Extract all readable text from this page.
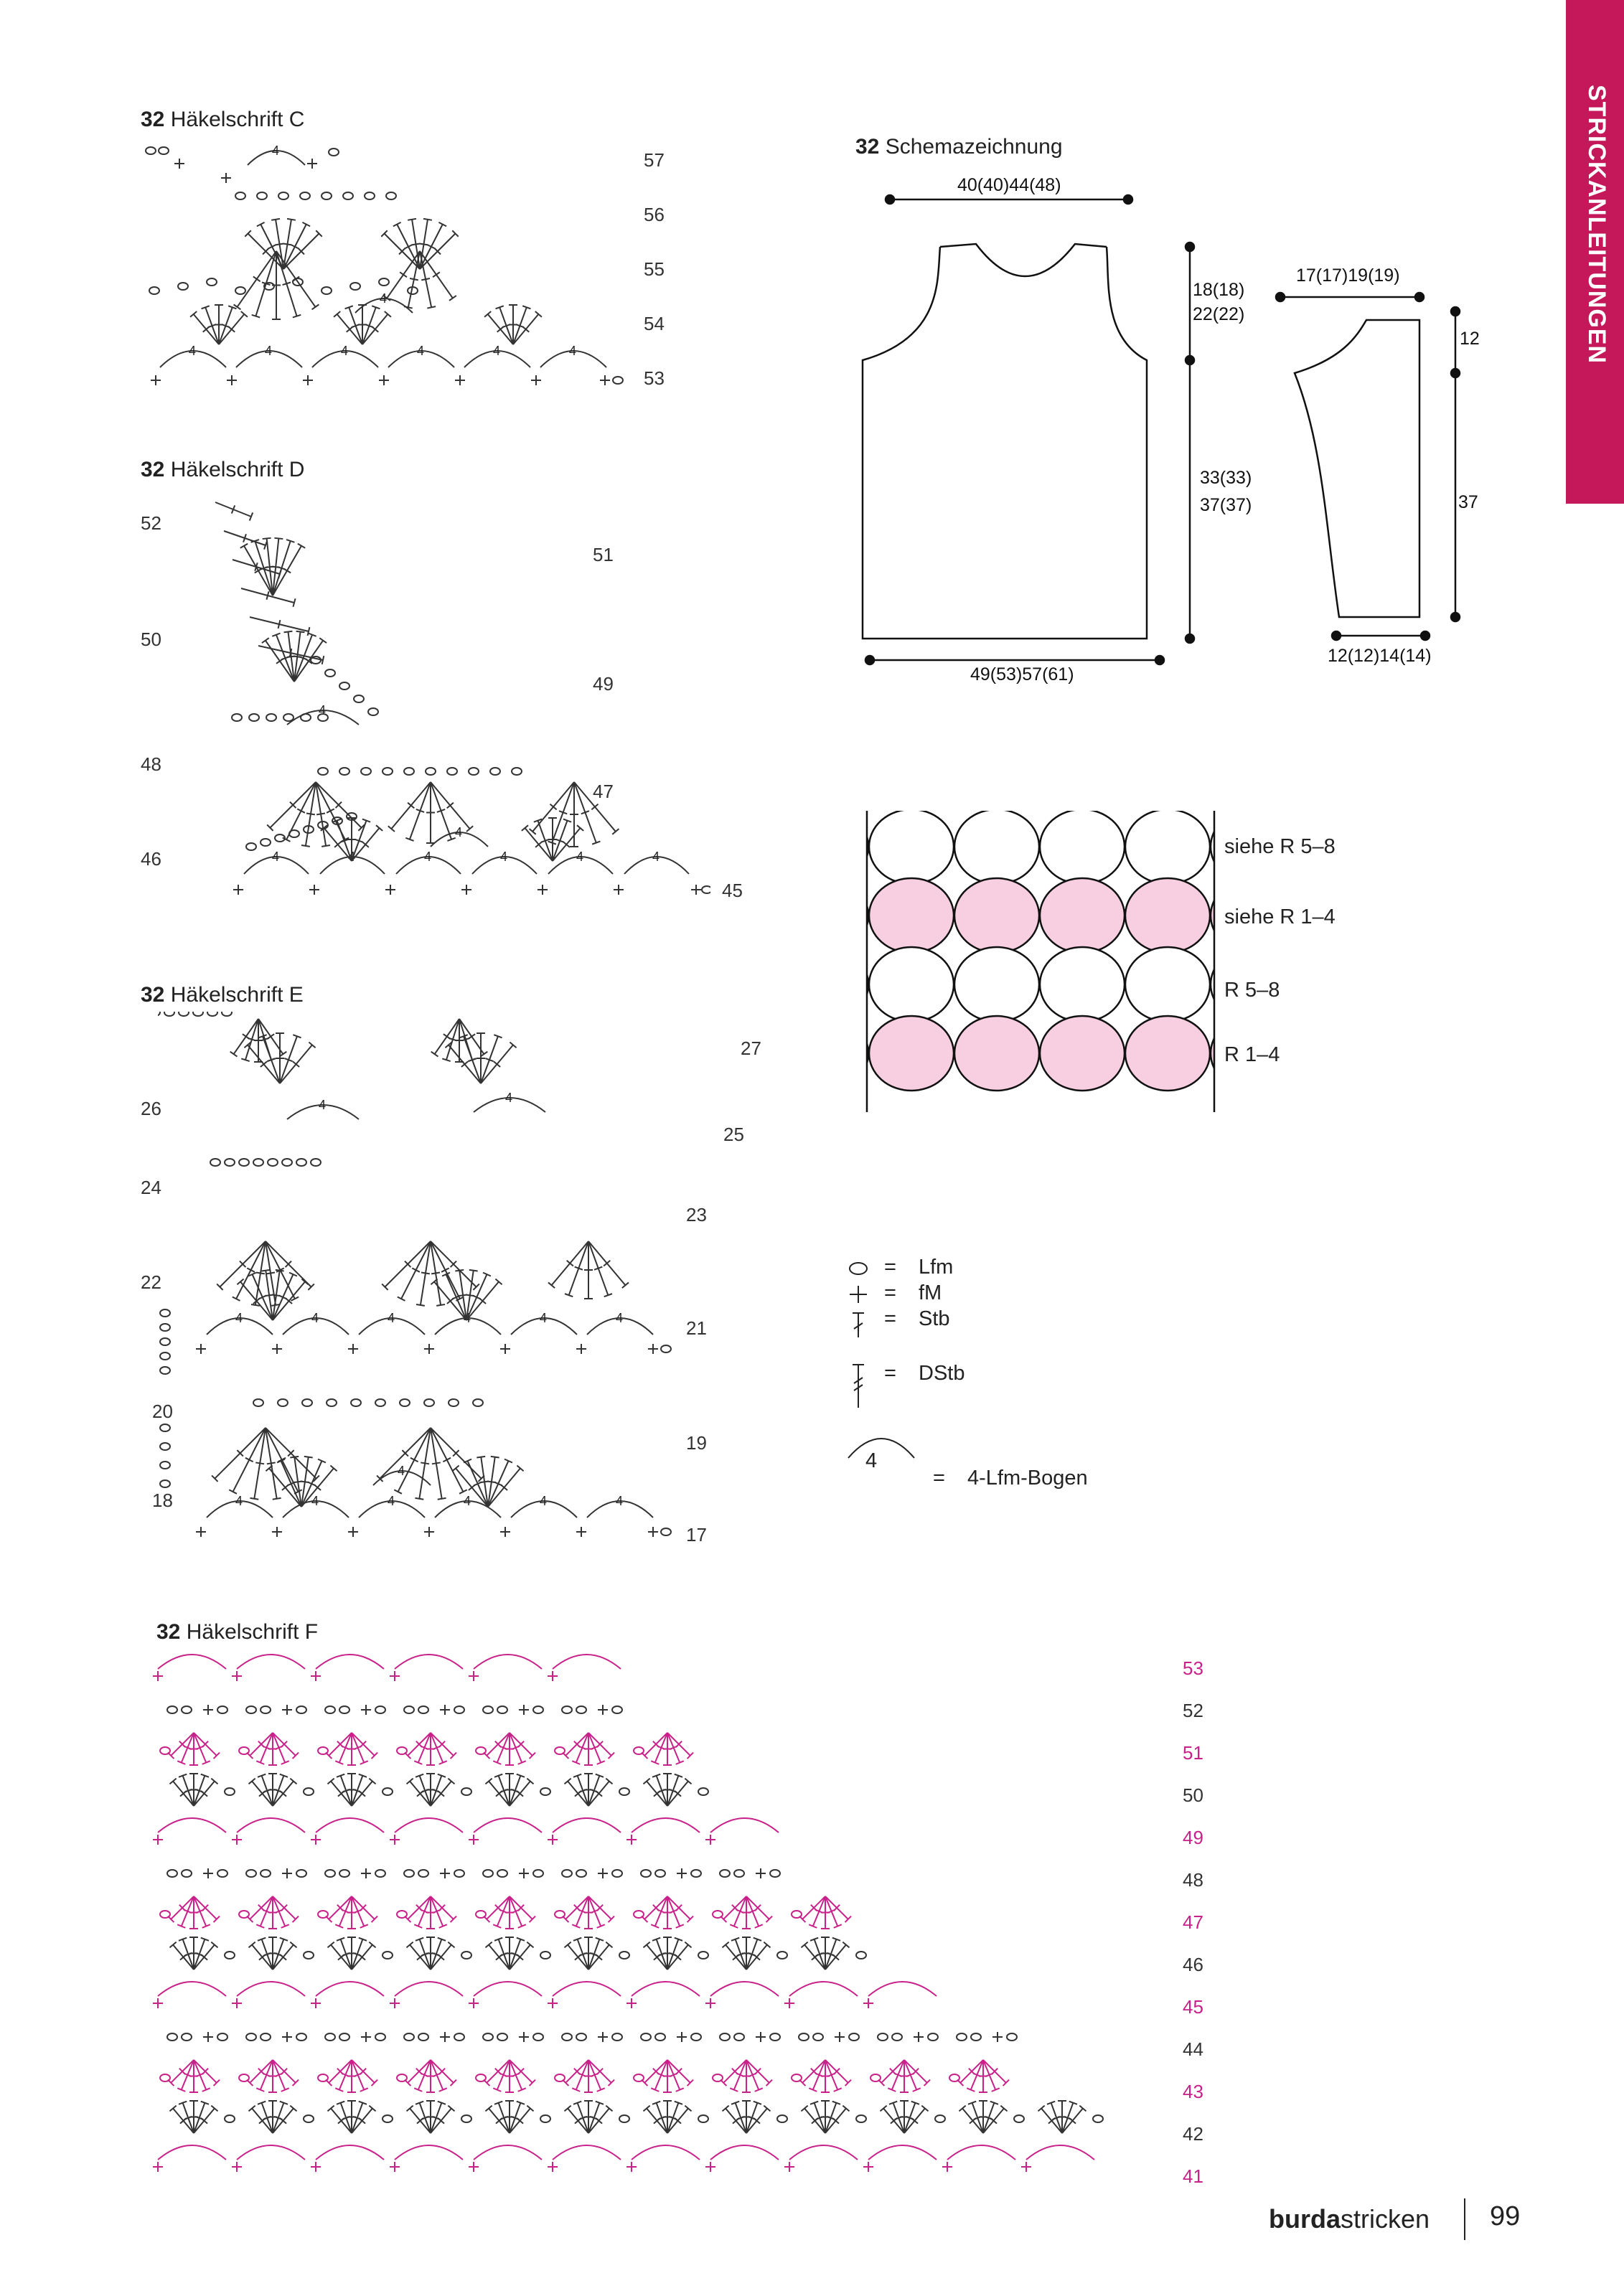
STRICKANLEITUNGEN
32 Häkelschrift C
4	4	4	4	4	4
4
4	57
56
55
54
53
32 Häkelschrift D
4	4	4	4	4	4
4
4
52
50
48
46
51
49
47
45
32 Häkelschrift E
4	4	4	4	4	4
4
4	4	4	4	4	4
4	4
26
24
22
20
18
27
25
23
21
19
17
32 Häkelschrift F
53
52
51
50
49
48
47
46
45
44
43
42
41
32 Schemazeichnung
40(40)44(48)
18(18)
22(22)
33(33)
37(37)
49(53)57(61)
17(17)19(19)
12
37
12(12)14(14)
siehe R 5–8
siehe R 1–4
R 5–8
R 1–4
4
= Lfm
= fM
= Stb
= DStb
= 4-Lfm-Bogen
burdastricken 99
